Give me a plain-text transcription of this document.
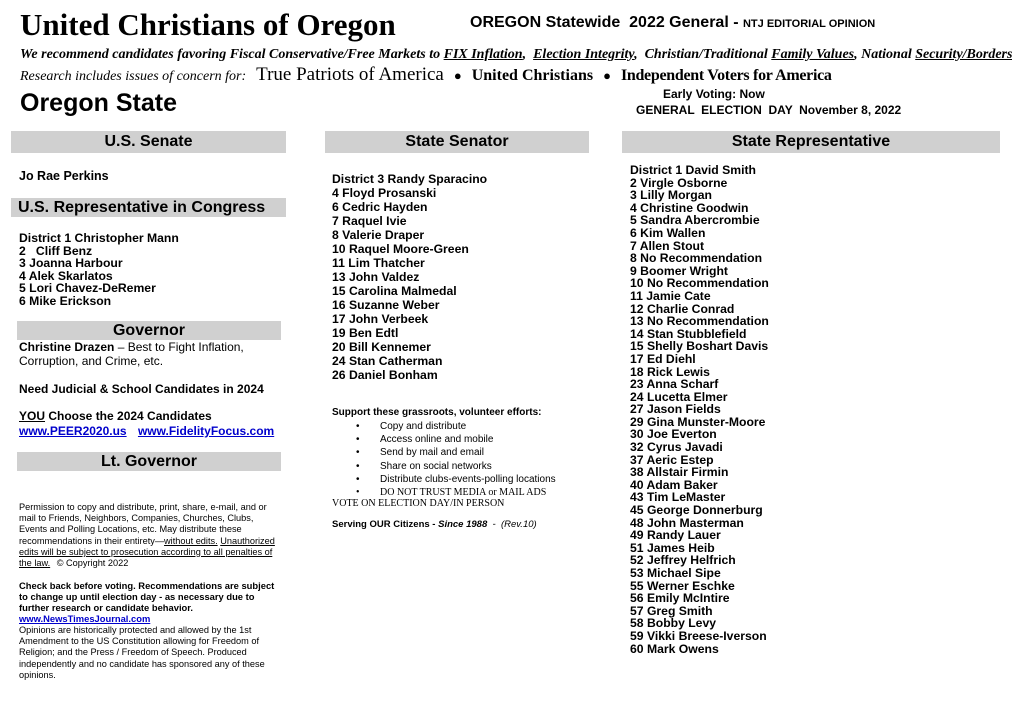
United Christians of Oregon	OREGON Statewide  2022 General - NTJ EDITORIAL OPINION
We recommend candidates favoring Fiscal Conservative/Free Markets to FIX Inflation,  Election Integrity,  Christian/Traditional Family Values, National Security/Borders
Research includes issues of concern for: True Patriots of America ● United Christians ● Independent Voters for America
Oregon State	Early Voting: Now
GENERAL  ELECTION  DAY  November 8, 2022
U.S. Senate
Jo Rae Perkins
U.S. Representative in Congress
District 1 Christopher Mann
2   Cliff Benz
3 Joanna Harbour
4 Alek Skarlatos
5 Lori Chavez-DeRemer
6 Mike Erickson
Governor
Christine Drazen – Best to Fight Inflation, Corruption, and Crime, etc.
Need Judicial & School Candidates in 2024
YOU Choose the 2024 Candidates
www.PEER2020.us www.FidelityFocus.com
Lt. Governor
Permission to copy and distribute, print, share, e-mail, and or mail to Friends, Neighbors, Companies, Churches, Clubs, Events and Polling Locations, etc. May distribute these recommendations in their entirety—without edits. Unauthorized edits will be subject to prosecution according to all penalties of the law. © Copyright 2022
Check back before voting. Recommendations are subject to change up until election day - as necessary due to further research or candidate behavior.
www.NewsTimesJournal.com
Opinions are historically protected and allowed by the 1st Amendment to the US Constitution allowing for Freedom of Religion; and the Press / Freedom of Speech. Produced independently and no candidate has sponsored any of these opinions.
State Senator
District 3 Randy Sparacino
4 Floyd Prosanski
6 Cedric Hayden
7 Raquel Ivie
8 Valerie Draper
10 Raquel Moore-Green
11 Lim Thatcher
13 John Valdez
15 Carolina Malmedal
16 Suzanne Weber
17 John Verbeek
19 Ben Edtl
20 Bill Kennemer
24 Stan Catherman
26 Daniel Bonham
Support these grassroots, volunteer efforts:
• Copy and distribute
• Access online and mobile
• Send by mail and email
• Share on social networks
• Distribute clubs-events-polling locations
• DO NOT TRUST MEDIA or MAIL ADS
VOTE ON ELECTION DAY/IN PERSON
Serving OUR Citizens - Since 1988  -  (Rev.10)
State Representative
District 1 David Smith
2 Virgle Osborne
3 Lilly Morgan
4 Christine Goodwin
5 Sandra Abercrombie
6 Kim Wallen
7 Allen Stout
8 No Recommendation
9 Boomer Wright
10 No Recommendation
11 Jamie Cate
12 Charlie Conrad
13 No Recommendation
14 Stan Stubblefield
15 Shelly Boshart Davis
17 Ed Diehl
18 Rick Lewis
23 Anna Scharf
24 Lucetta Elmer
27 Jason Fields
29 Gina Munster-Moore
30 Joe Everton
32 Cyrus Javadi
37 Aeric Estep
38 Allstair Firmin
40 Adam Baker
43 Tim LeMaster
45 George Donnerburg
48 John Masterman
49 Randy Lauer
51 James Heib
52 Jeffrey Helfrich
53 Michael Sipe
55 Werner Eschke
56 Emily McIntire
57 Greg Smith
58 Bobby Levy
59 Vikki Breese-Iverson
60 Mark Owens
